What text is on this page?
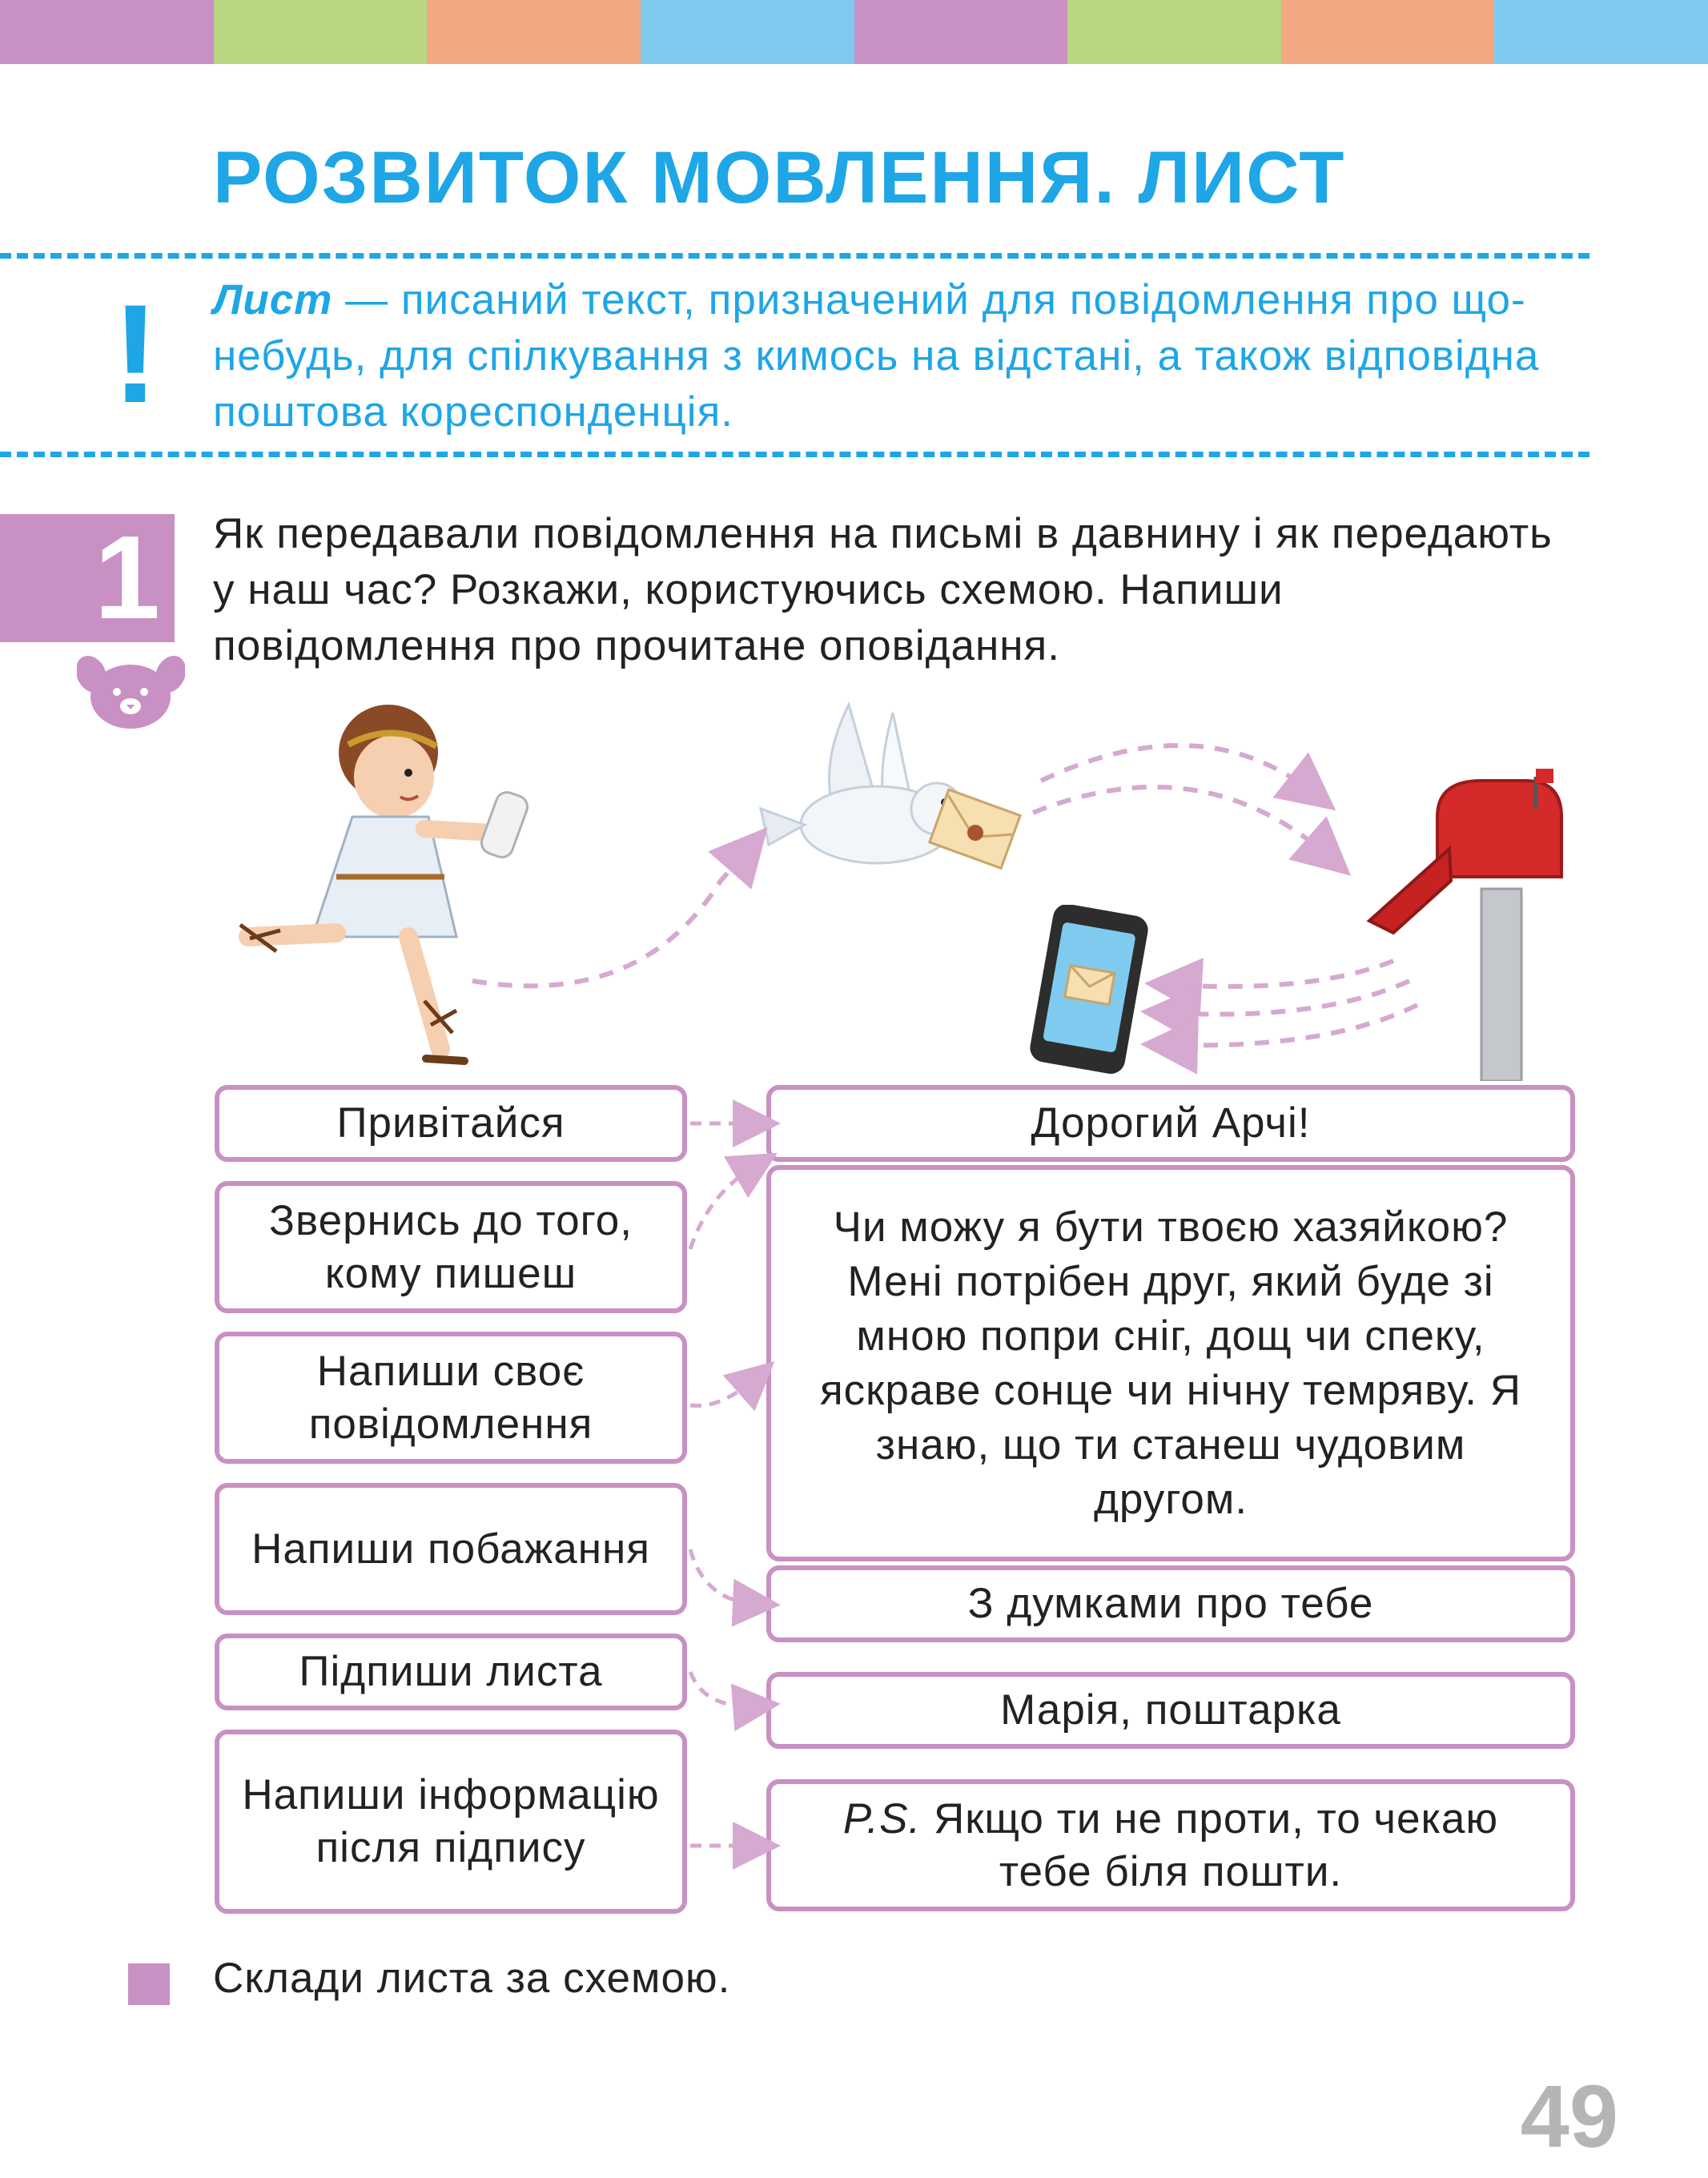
РОЗВИТОК МОВЛЕННЯ. ЛИСТ
! Лист — писаний текст, призначений для повідомлення про що-небудь, для спілкування з кимось на відстані, а також відповідна поштова кореспонденція.
1	Як передавали повідомлення на письмі в давнину і як передають у наш час? Розкажи, користуючись схемою. Напиши повідомлення про прочитане оповідання.
Привітайся
Звернись до того, кому пишеш
Напиши своє повідомлення
Напиши побажання
Підпиши листа
Напиши інформацію після підпису
Дорогий Арчі!
Чи можу я бути твоєю хазяйкою? Мені потрібен друг, який буде зі мною попри сніг, дощ чи спеку, яскраве сонце чи нічну темряву. Я знаю, що ти станеш чудовим другом.
З думками про тебе
Марія, поштарка
P.S. Якщо ти не проти, то чекаю тебе біля пошти.
Склади листа за схемою.
49
